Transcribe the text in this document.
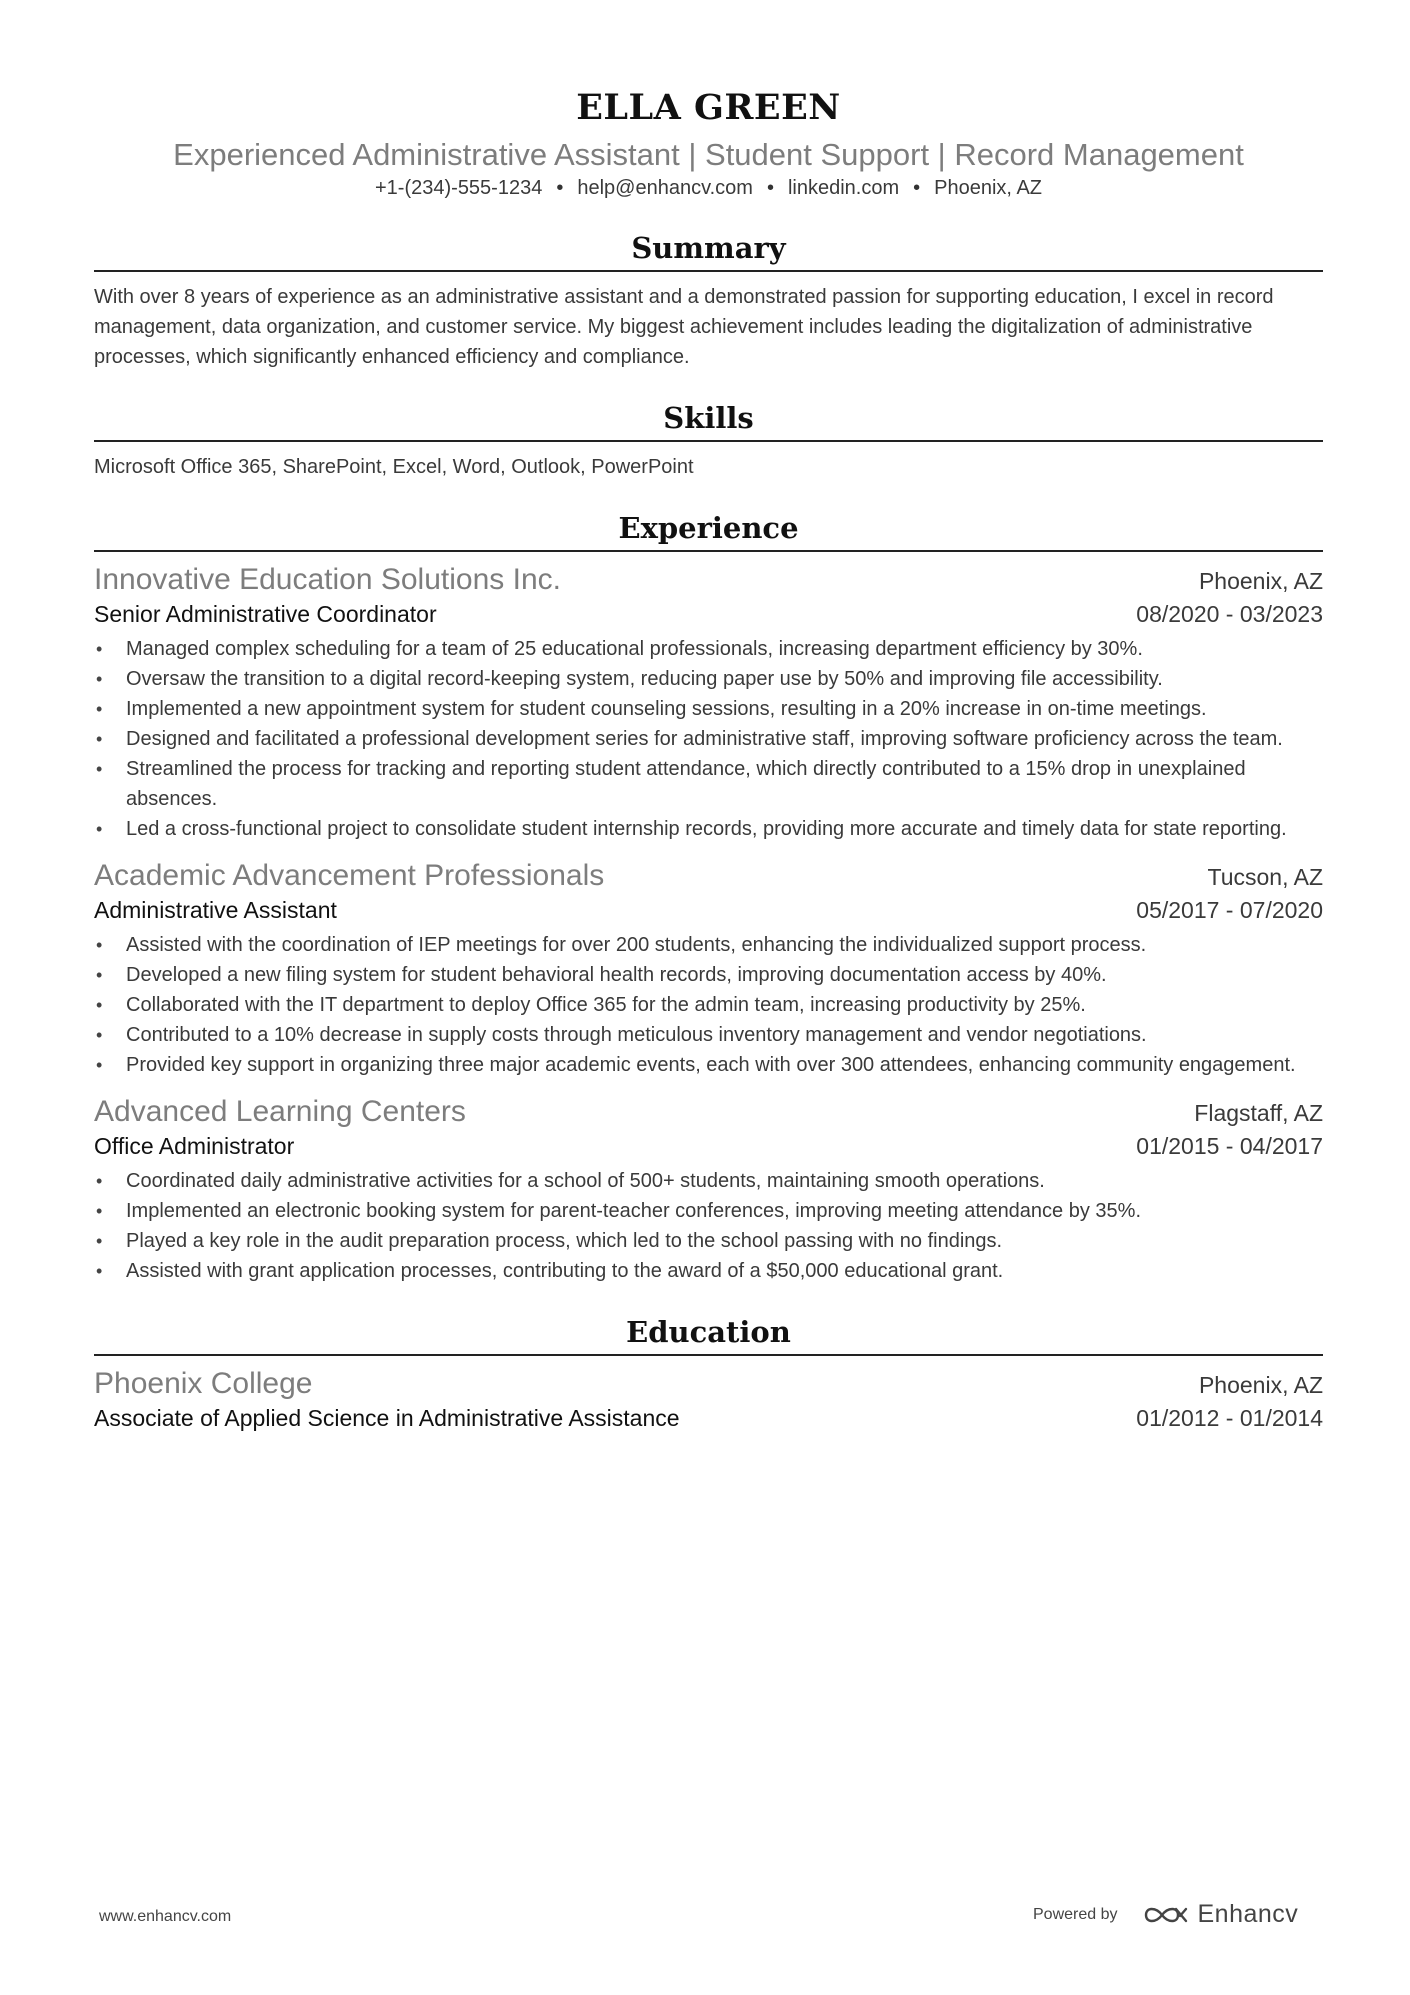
ELLA GREEN
Experienced Administrative Assistant | Student Support | Record Management
+1-(234)-555-1234 • help@enhancv.com • linkedin.com • Phoenix, AZ
Summary

With over 8 years of experience as an administrative assistant and a demonstrated passion for supporting education, I excel in record management, data organization, and customer service. My biggest achievement includes leading the digitalization of administrative processes, which significantly enhanced efficiency and compliance.

Skills

Microsoft Office 365, SharePoint, Excel, Word, Outlook, PowerPoint

Experience
Innovative Education Solutions Inc.	Phoenix, AZ
Senior Administrative Coordinator	08/2020 - 03/2023
• Managed complex scheduling for a team of 25 educational professionals, increasing department efficiency by 30%.
• Oversaw the transition to a digital record-keeping system, reducing paper use by 50% and improving file accessibility.
• Implemented a new appointment system for student counseling sessions, resulting in a 20% increase in on-time meetings.
• Designed and facilitated a professional development series for administrative staff, improving software proficiency across the team.
• Streamlined the process for tracking and reporting student attendance, which directly contributed to a 15% drop in unexplained absences.
• Led a cross-functional project to consolidate student internship records, providing more accurate and timely data for state reporting.
Academic Advancement Professionals	Tucson, AZ
Administrative Assistant	05/2017 - 07/2020
• Assisted with the coordination of IEP meetings for over 200 students, enhancing the individualized support process.
• Developed a new filing system for student behavioral health records, improving documentation access by 40%.
• Collaborated with the IT department to deploy Office 365 for the admin team, increasing productivity by 25%.
• Contributed to a 10% decrease in supply costs through meticulous inventory management and vendor negotiations.
• Provided key support in organizing three major academic events, each with over 300 attendees, enhancing community engagement.
Advanced Learning Centers	Flagstaff, AZ
Office Administrator	01/2015 - 04/2017
• Coordinated daily administrative activities for a school of 500+ students, maintaining smooth operations.
• Implemented an electronic booking system for parent-teacher conferences, improving meeting attendance by 35%.
• Played a key role in the audit preparation process, which led to the school passing with no findings.
• Assisted with grant application processes, contributing to the award of a $50,000 educational grant.
Education
Phoenix College	Phoenix, AZ
Associate of Applied Science in Administrative Assistance	01/2012 - 01/2014
www.enhancv.com	Powered by	Enhancv
